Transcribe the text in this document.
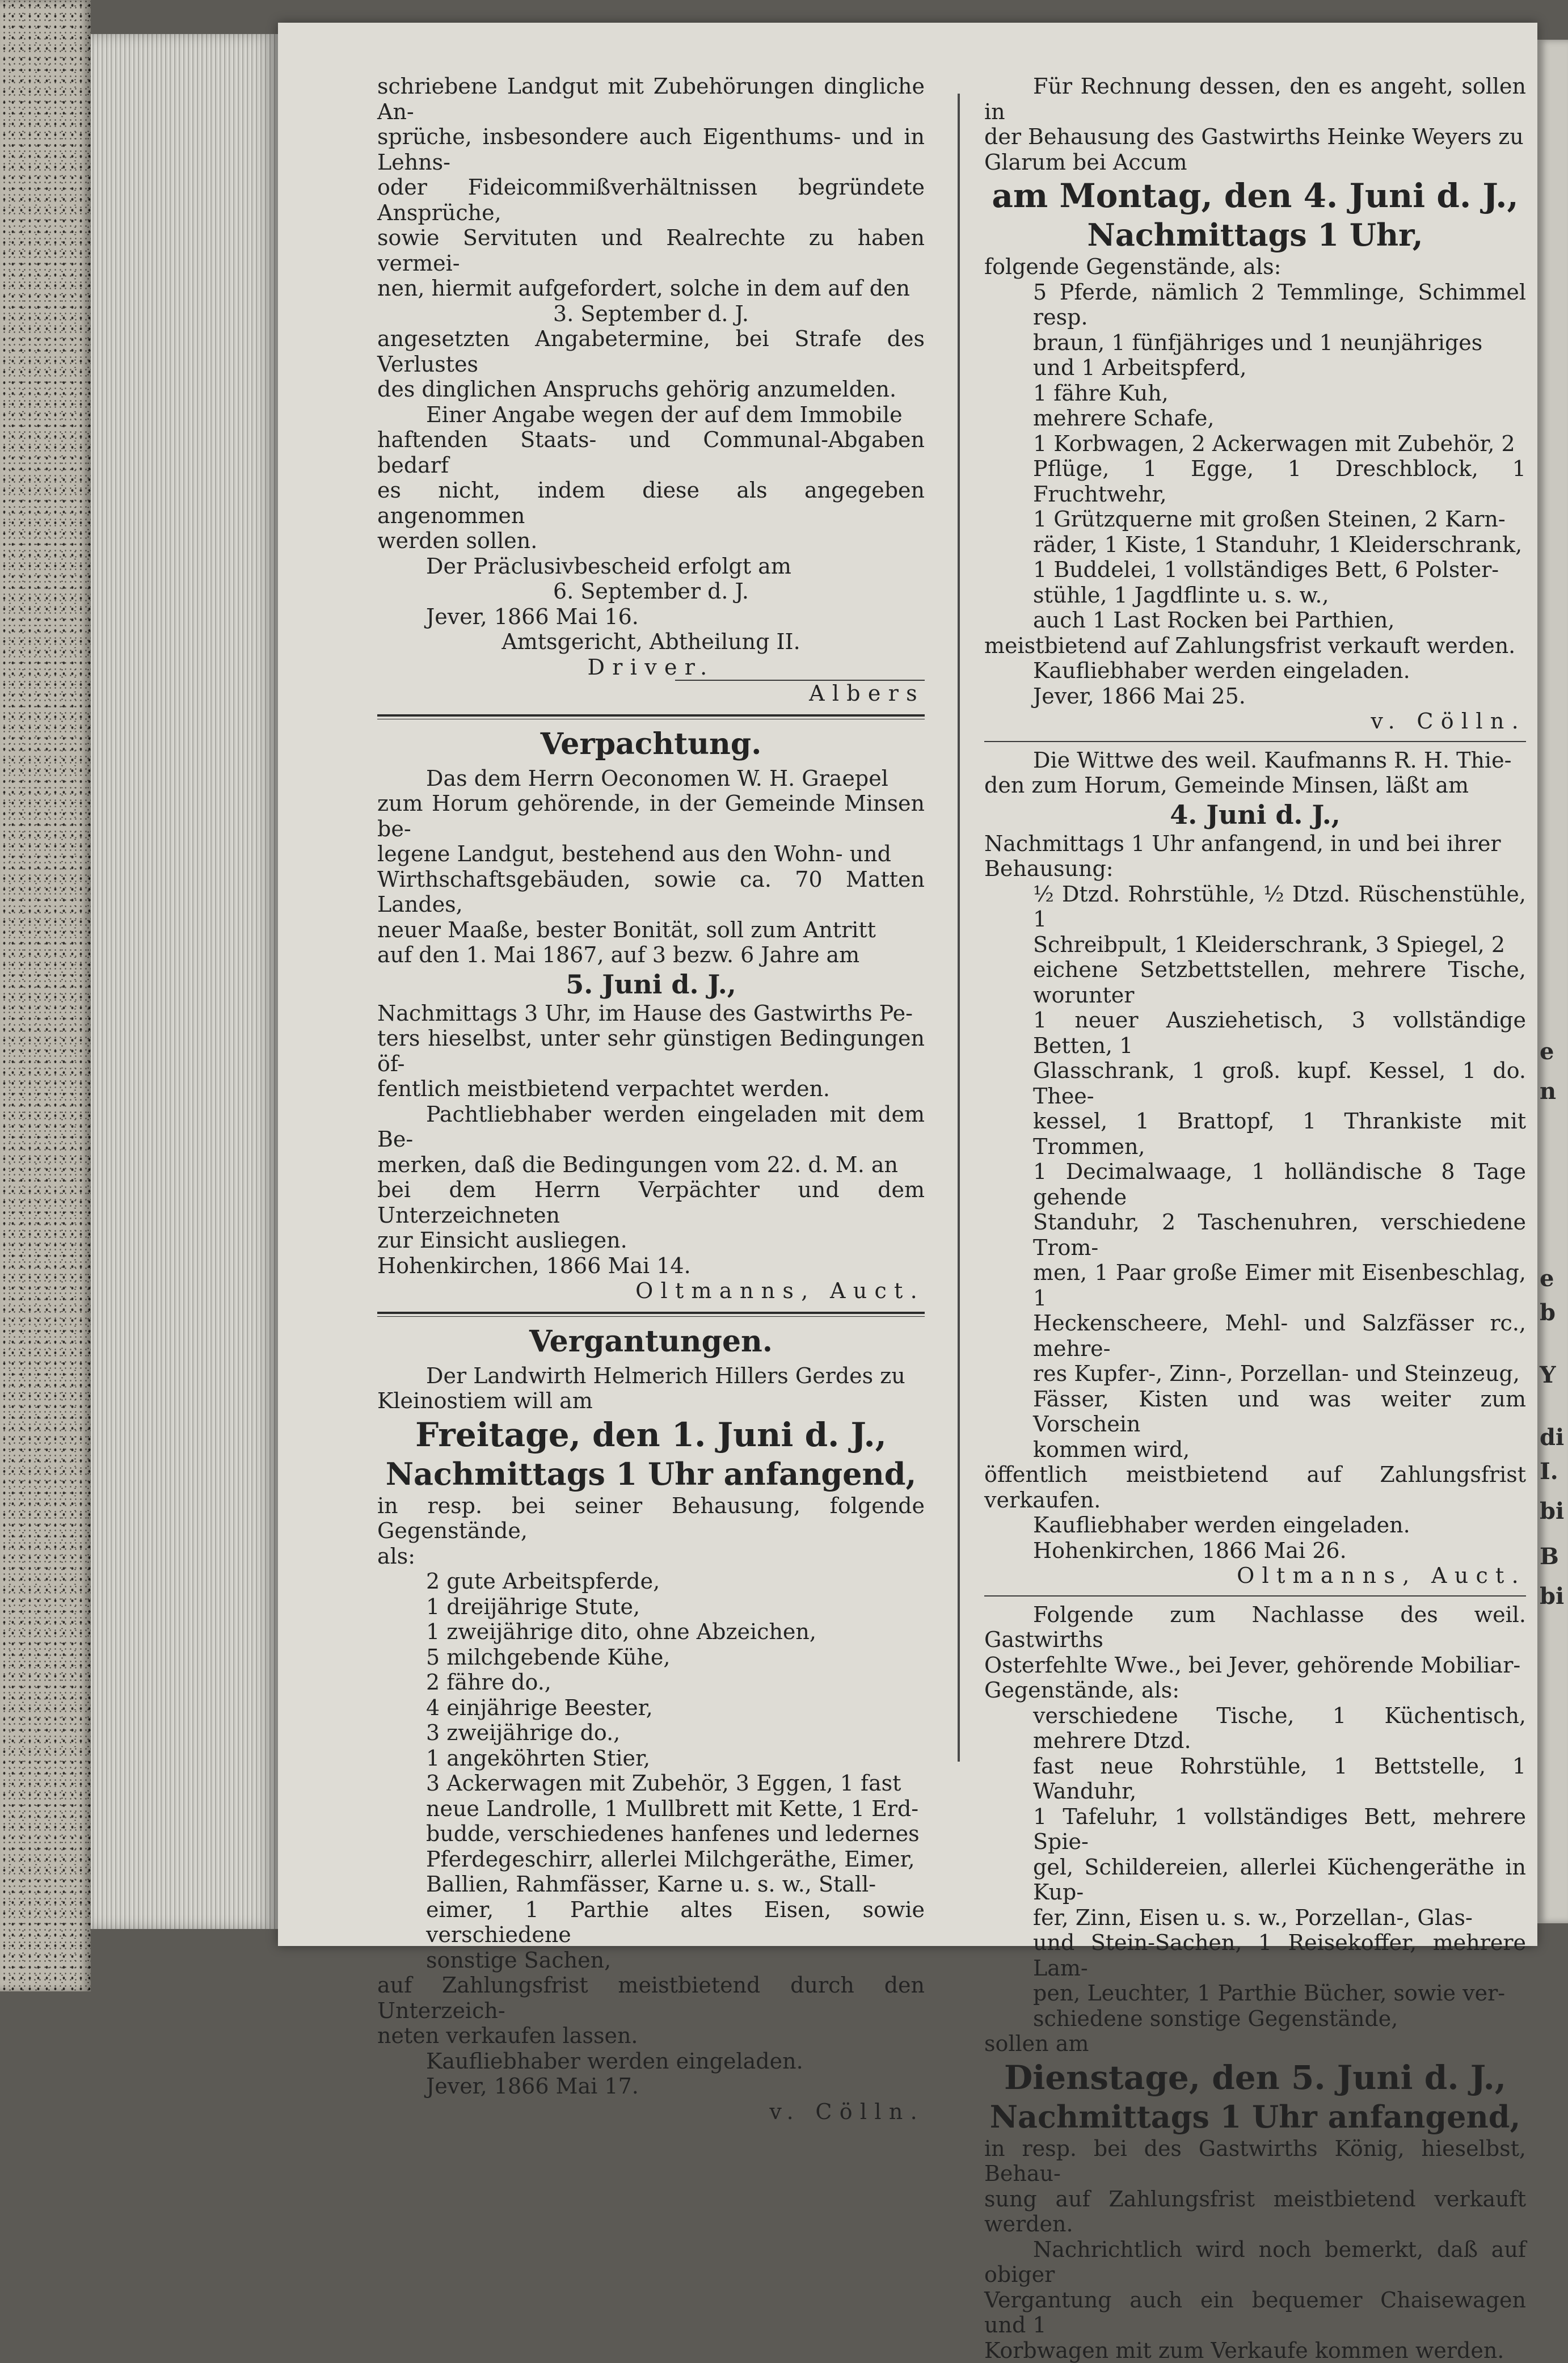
e
n
e
b
Y
di
I.
bi
B
bi

schriebene Landgut mit Zubehörungen dingliche An-

sprüche, insbesondere auch Eigenthums- und in Lehns-

oder Fideicommißverhältnissen begründete Ansprüche,

sowie Servituten und Realrechte zu haben vermei-

nen, hiermit aufgefordert, solche in dem auf den

3. September d. J.

angesetzten Angabetermine, bei Strafe des Verlustes

des dinglichen Anspruchs gehörig anzumelden.

Einer Angabe wegen der auf dem Immobile

haftenden Staats- und Communal-Abgaben bedarf

es nicht, indem diese als angegeben angenommen

werden sollen.

Der Präclusivbescheid erfolgt am

6. September d. J.

Jever, 1866 Mai 16.

Amtsgericht, Abtheilung II.

Driver.

Albers

Verpachtung.

Das dem Herrn Oeconomen W. H. Graepel

zum Horum gehörende, in der Gemeinde Minsen be-

legene Landgut, bestehend aus den Wohn- und

Wirthschaftsgebäuden, sowie ca. 70 Matten Landes,

neuer Maaße, bester Bonität, soll zum Antritt

auf den 1. Mai 1867, auf 3 bezw. 6 Jahre am

5. Juni d. J.,

Nachmittags 3 Uhr, im Hause des Gastwirths Pe-

ters hieselbst, unter sehr günstigen Bedingungen öf-

fentlich meistbietend verpachtet werden.

Pachtliebhaber werden eingeladen mit dem Be-

merken, daß die Bedingungen vom 22. d. M. an

bei dem Herrn Verpächter und dem Unterzeichneten

zur Einsicht ausliegen.

Hohenkirchen, 1866 Mai 14.

Oltmanns, Auct.

Vergantungen.

Der Landwirth Helmerich Hillers Gerdes zu

Kleinostiem will am

Freitage, den 1. Juni d. J.,

Nachmittags 1 Uhr anfangend,

in resp. bei seiner Behausung, folgende Gegenstände,

als:

2 gute Arbeitspferde,

1 dreijährige Stute,

1 zweijährige dito, ohne Abzeichen,

5 milchgebende Kühe,

2 fähre do.,

4 einjährige Beester,

3 zweijährige do.,

1 angeköhrten Stier,

3 Ackerwagen mit Zubehör, 3 Eggen, 1 fast

neue Landrolle, 1 Mullbrett mit Kette, 1 Erd-

budde, verschiedenes hanfenes und ledernes

Pferdegeschirr, allerlei Milchgeräthe, Eimer,

Ballien, Rahmfässer, Karne u. s. w., Stall-

eimer, 1 Parthie altes Eisen, sowie verschiedene

sonstige Sachen,

auf Zahlungsfrist meistbietend durch den Unterzeich-

neten verkaufen lassen.

Kaufliebhaber werden eingeladen.

Jever, 1866 Mai 17.

v. Cölln.

Für Rechnung dessen, den es angeht, sollen in

der Behausung des Gastwirths Heinke Weyers zu

Glarum bei Accum

am Montag, den 4. Juni d. J.,

Nachmittags 1 Uhr,

folgende Gegenstände, als:

5 Pferde, nämlich 2 Temmlinge, Schimmel resp.

braun, 1 fünfjähriges und 1 neunjähriges

und 1 Arbeitspferd,

1 fähre Kuh,

mehrere Schafe,

1 Korbwagen, 2 Ackerwagen mit Zubehör, 2

Pflüge, 1 Egge, 1 Dreschblock, 1 Fruchtwehr,

1 Grützquerne mit großen Steinen, 2 Karn-

räder, 1 Kiste, 1 Standuhr, 1 Kleiderschrank,

1 Buddelei, 1 vollständiges Bett, 6 Polster-

stühle, 1 Jagdflinte u. s. w.,

auch 1 Last Rocken bei Parthien,

meistbietend auf Zahlungsfrist verkauft werden.

Kaufliebhaber werden eingeladen.

Jever, 1866 Mai 25.

v. Cölln.

Die Wittwe des weil. Kaufmanns R. H. Thie-

den zum Horum, Gemeinde Minsen, läßt am

4. Juni d. J.,

Nachmittags 1 Uhr anfangend, in und bei ihrer

Behausung:

½ Dtzd. Rohrstühle, ½ Dtzd. Rüschenstühle, 1

Schreibpult, 1 Kleiderschrank, 3 Spiegel, 2

eichene Setzbettstellen, mehrere Tische, worunter

1 neuer Ausziehetisch, 3 vollständige Betten, 1

Glasschrank, 1 groß. kupf. Kessel, 1 do. Thee-

kessel, 1 Brattopf, 1 Thrankiste mit Trommen,

1 Decimalwaage, 1 holländische 8 Tage gehende

Standuhr, 2 Taschenuhren, verschiedene Trom-

men, 1 Paar große Eimer mit Eisenbeschlag, 1

Heckenscheere, Mehl- und Salzfässer rc., mehre-

res Kupfer-, Zinn-, Porzellan- und Steinzeug,

Fässer, Kisten und was weiter zum Vorschein

kommen wird,

öffentlich meistbietend auf Zahlungsfrist verkaufen.

Kaufliebhaber werden eingeladen.

Hohenkirchen, 1866 Mai 26.

Oltmanns, Auct.

Folgende zum Nachlasse des weil. Gastwirths

Osterfehlte Wwe., bei Jever, gehörende Mobiliar-

Gegenstände, als:

verschiedene Tische, 1 Küchentisch, mehrere Dtzd.

fast neue Rohrstühle, 1 Bettstelle, 1 Wanduhr,

1 Tafeluhr, 1 vollständiges Bett, mehrere Spie-

gel, Schildereien, allerlei Küchengeräthe in Kup-

fer, Zinn, Eisen u. s. w., Porzellan-, Glas-

und Stein-Sachen, 1 Reisekoffer, mehrere Lam-

pen, Leuchter, 1 Parthie Bücher, sowie ver-

schiedene sonstige Gegenstände,

sollen am

Dienstage, den 5. Juni d. J.,

Nachmittags 1 Uhr anfangend,

in resp. bei des Gastwirths König, hieselbst, Behau-

sung auf Zahlungsfrist meistbietend verkauft werden.

Nachrichtlich wird noch bemerkt, daß auf obiger

Vergantung auch ein bequemer Chaisewagen und 1

Korbwagen mit zum Verkaufe kommen werden.
